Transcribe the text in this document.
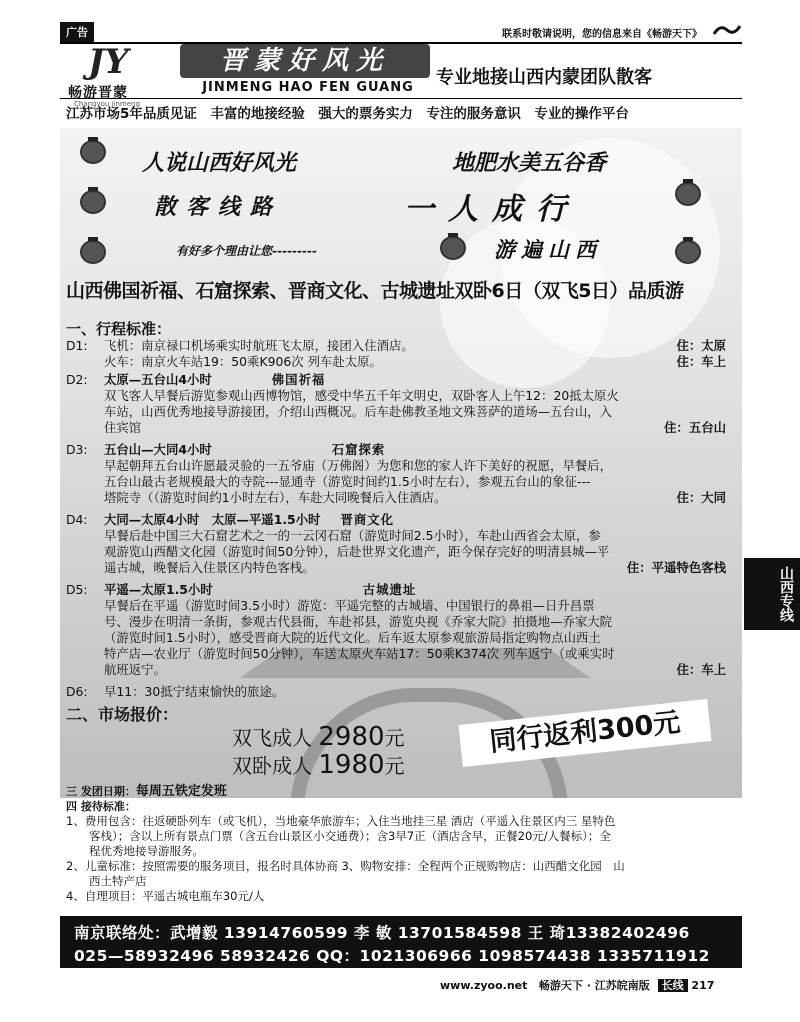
广告	联系时敬请说明，您的信息来自《畅游天下》
JY
畅游晋蒙
Changyou jinmeng
晋蒙好风光
JINMENG HAO FEN GUANG	专业地接山西内蒙团队散客
江苏市场5年品质见证　丰富的地接经验　强大的票务实力　专注的服务意识　专业的操作平台
人说山西好风光	地肥水美五谷香
散客线路	一人成行
有好多个理由让您---------	游遍山西
山西佛国祈福、石窟探索、晋商文化、古城遗址双卧6日（双飞5日）品质游
一、行程标准：
D1: 飞机：南京禄口机场乘实时航班飞太原，接团入住酒店。	住：太原
火车：南京火车站19：50乘K906次 列车赴太原。	住：车上
D2: 太原—五台山4小时	佛国祈福
双飞客人早餐后游览参观山西博物馆，感受中华五千年文明史，双卧客人上午12：20抵太原火
车站，山西优秀地接导游接团，介绍山西概况。后车赴佛教圣地文殊菩萨的道场—五台山，入
住宾馆	住：五台山
D3: 五台山—大同4小时	石窟探索
早起朝拜五台山许愿最灵验的一五爷庙（万佛阁）为您和您的家人许下美好的祝愿，早餐后，
五台山最古老规模最大的寺院---显通寺（游览时间约1.5小时左右），参观五台山的象征---
塔院寺（（游览时间约1小时左右），车赴大同晚餐后入住酒店。	住：大同
D4: 大同—太原4小时　太原—平遥1.5小时 晋商文化
早餐后赴中国三大石窟艺术之一的一云冈石窟（游览时间2.5小时），车赴山西省会太原，参
观游览山西醋文化园（游览时间50分钟），后赴世界文化遗产，距今保存完好的明清县城—平
遥古城，晚餐后入住景区内特色客栈。	住：平遥特色客栈
D5: 平遥—太原1.5小时	古城遗址
早餐后在平遥（游览时间3.5小时）游览：平遥完整的古城墙、中国银行的鼻祖—日升昌票
号、漫步在明清一条街，参观古代县衙，车赴祁县，游览央视《乔家大院》拍摄地—乔家大院
（游览时间1.5小时），感受晋商大院的近代文化。后车返太原参观旅游局指定购物点山西土
特产店—农业厅（游览时间50分钟），车送太原火车站17：50乘K374次 列车返宁（或乘实时
航班返宁。	住：车上
D6: 早11：30抵宁结束愉快的旅途。
二、市场报价：
双飞成人 2980元
双卧成人 1980元
同行返利300元
三 发团日期：每周五铁定发班
四 接待标准：
1、费用包含：往返硬卧列车（或飞机），当地豪华旅游车；入住当地挂三星 酒店（平遥入住景区内三 星特色
　　客栈）；含以上所有景点门票（含五台山景区小交通费）；含3早7正（酒店含早，正餐20元/人餐标）；全
　　程优秀地接导游服务。
2、儿童标准：按照需要的服务项目，报名时具体协商 3、购物安排：全程两个正规购物店：山西醋文化园　山
　　西土特产店
4、自理项目：平遥古城电瓶车30元/人
南京联络处：武增毅 13914760599 李 敏 13701584598 王 琦13382402496
025—58932496 58932426 QQ：1021306966 1098574438 1335711912
www.zyoo.net 畅游天下 · 江苏皖南版 长线 217
山西专线
